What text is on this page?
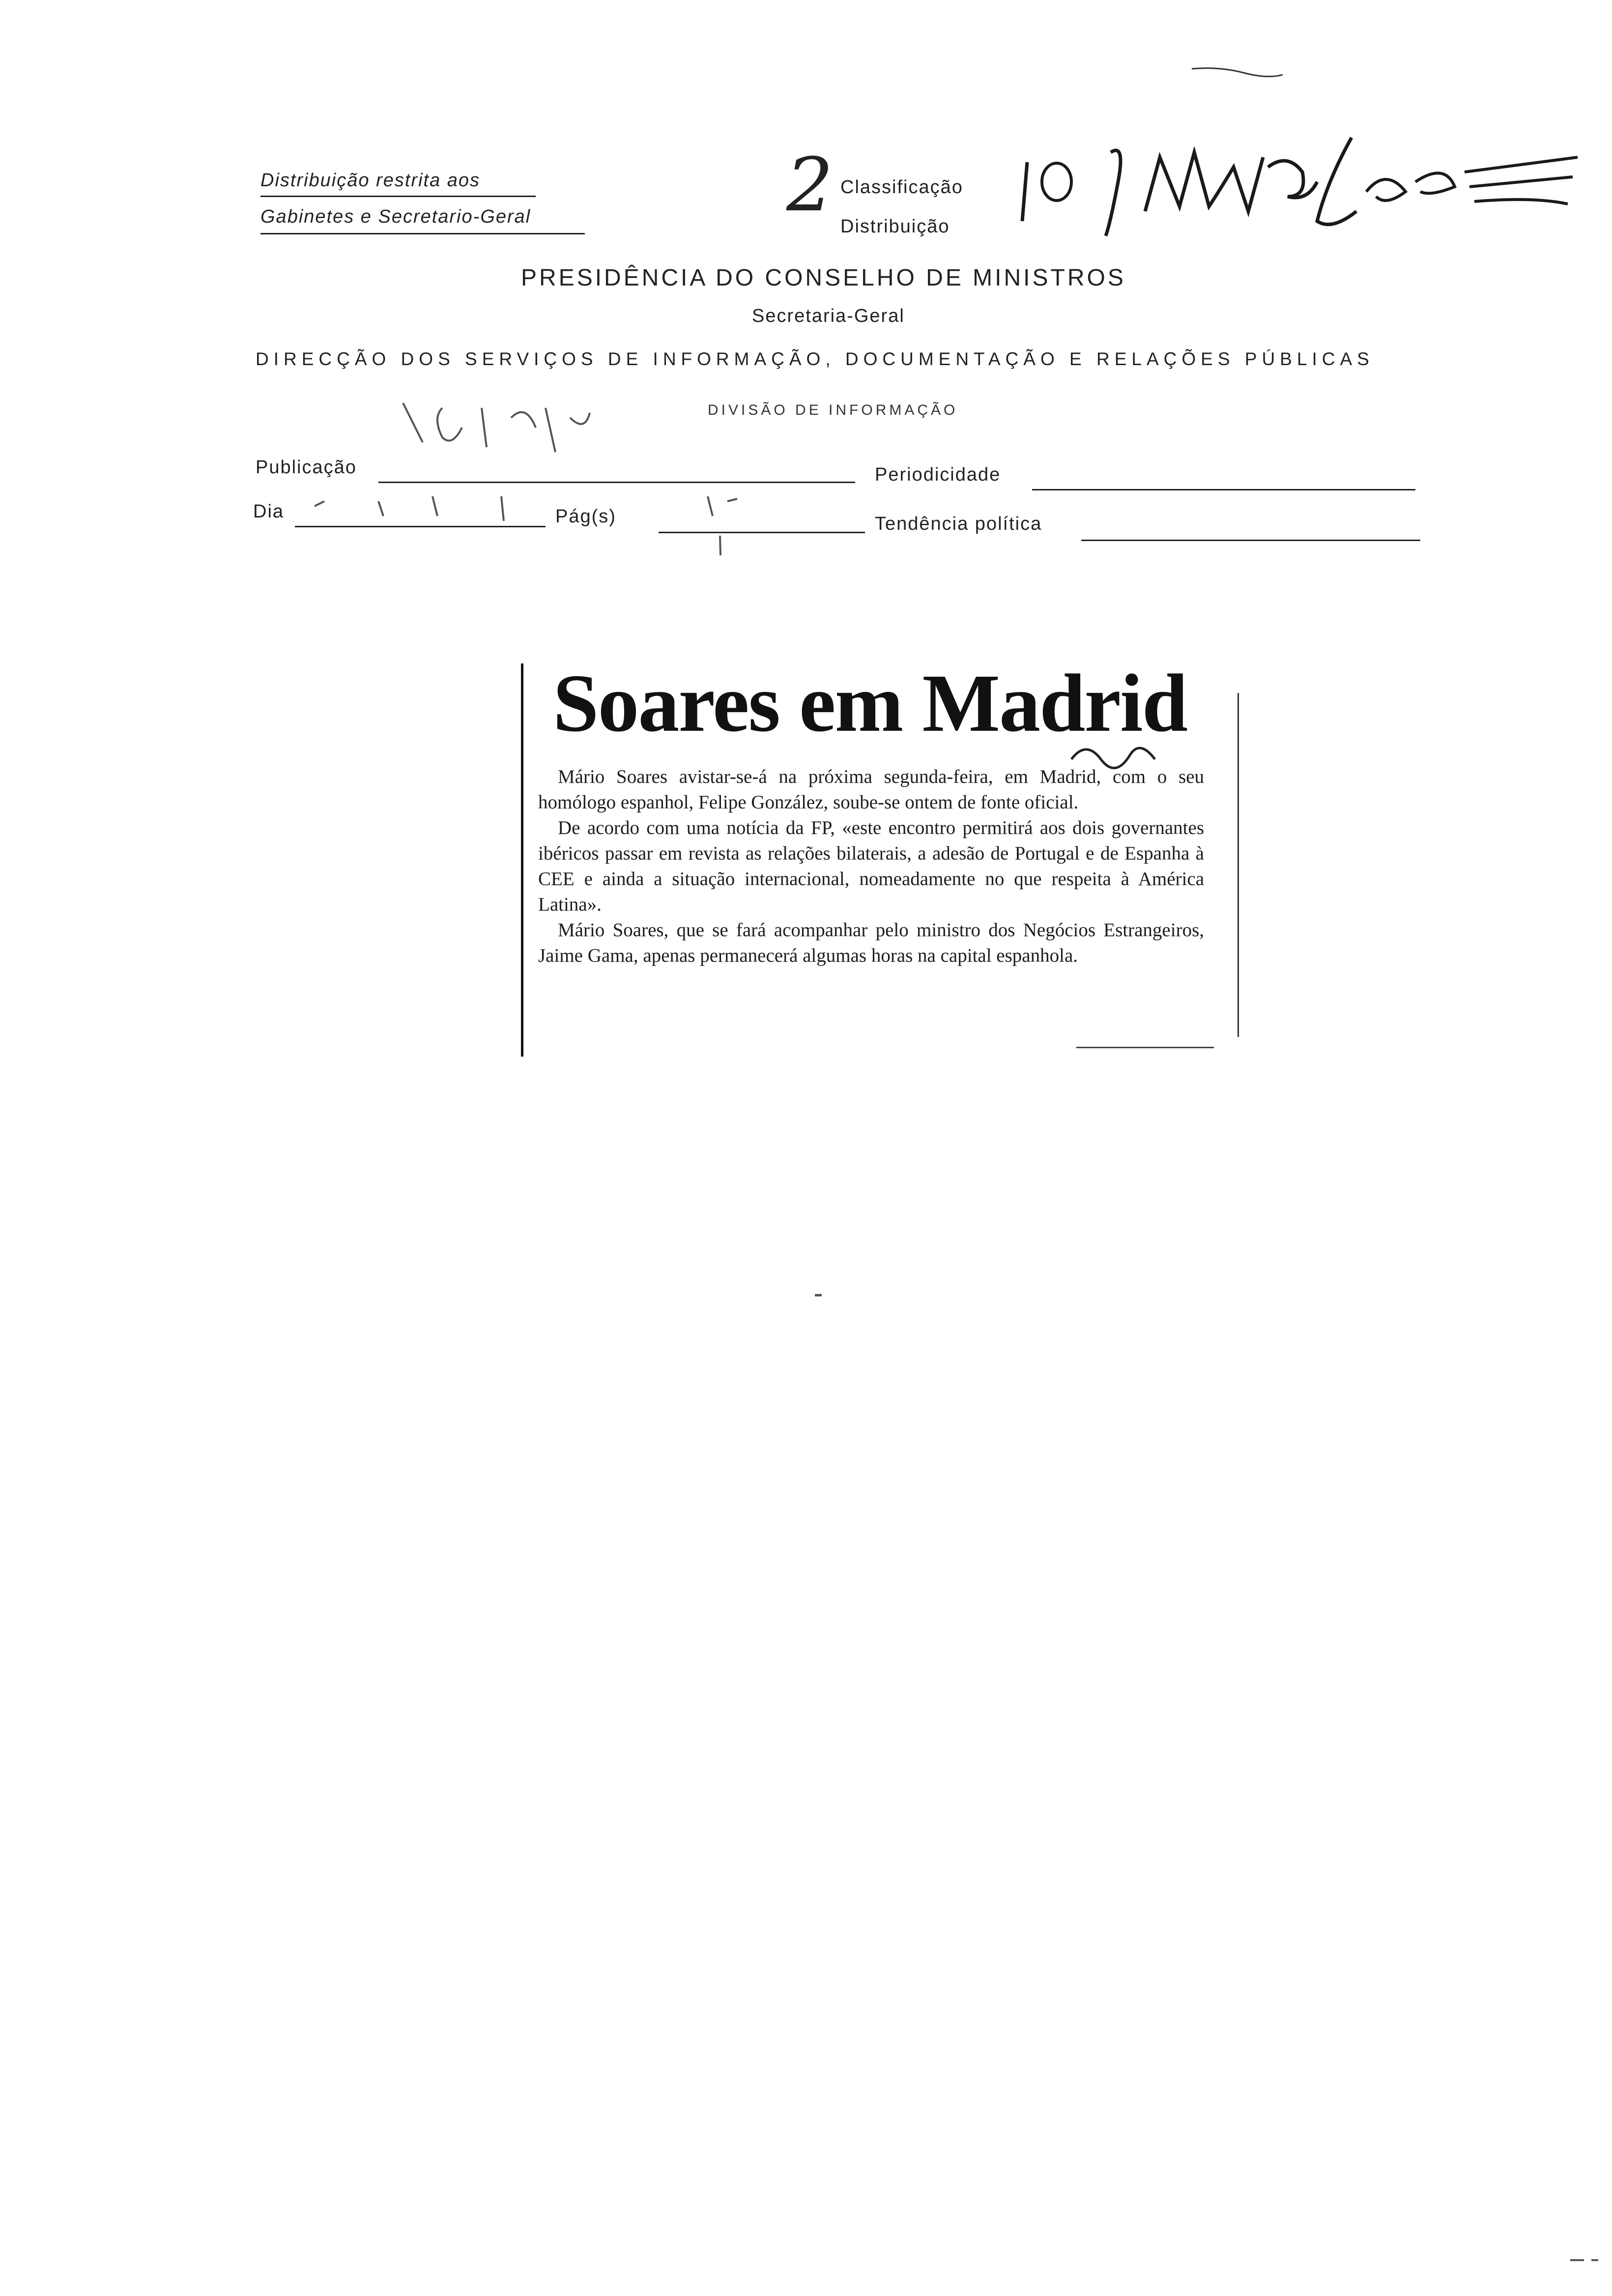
Distribuição restrita aos
Gabinetes e Secretario-Geral	2 Classificação
Distribuição
PRESIDÊNCIA DO CONSELHO DE MINISTROS
Secretaria-Geral
DIRECÇÃO DOS SERVIÇOS DE INFORMAÇÃO, DOCUMENTAÇÃO E RELAÇÕES PÚBLICAS
DIVISÃO DE INFORMAÇÃO
Publicação	Periodicidade
Dia	Pág(s)	Tendência política
Soares em Madrid

Mário Soares avistar-se-á na próxima segunda-feira, em Madrid, com o seu homólogo espanhol, Felipe González, soube-se ontem de fonte oficial.

De acordo com uma notícia da FP, «este encontro permitirá aos dois governantes ibéricos passar em revista as relações bilaterais, a adesão de Portugal e de Espanha à CEE e ainda a situação internacional, nomeadamente no que respeita à América Latina».

Mário Soares, que se fará acompanhar pelo ministro dos Negócios Estrangeiros, Jaime Gama, apenas permanecerá algumas horas na capital espanhola.
